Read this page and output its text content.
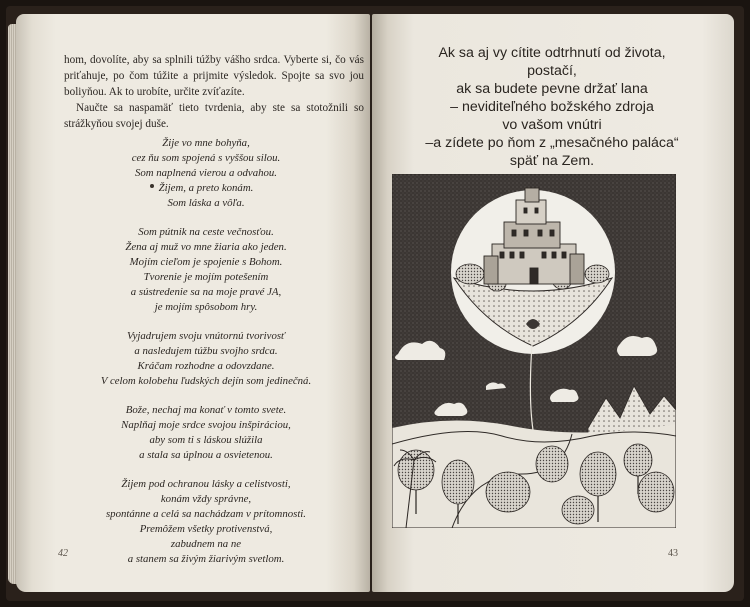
hom, dovolíte, aby sa splnili túžby vášho srdca. Vyberte si, čo vás priťahuje, po čom túžite a prijmite výsledok. Spojte sa svo jou boliyňou. Ak to urobíte, určite zvíťazíte.

Naučte sa naspamäť tieto tvrdenia, aby ste sa stotožnili so strážkyňou svojej duše.

Žije vo mne bohyňa,
cez ňu som spojená s vyššou silou.
Som naplnená vierou a odvahou.
Žijem, a preto konám.
Som láska a vôľa.
Som pútnik na ceste večnosťou.
Žena aj muž vo mne žiaria ako jeden.
Mojím cieľom je spojenie s Bohom.
Tvorenie je mojím potešením
a sústredenie sa na moje pravé JA,
je mojím spôsobom hry.
Vyjadrujem svoju vnútornú tvorivosť
a nasledujem túžbu svojho srdca.
Kráčam rozhodne a odovzdane.
V celom kolobehu ľudských dejín som jedinečná.
Bože, nechaj ma konať v tomto svete.
Naplňaj moje srdce svojou inšpiráciou,
aby som ti s láskou slúžila
a stala sa úplnou a osvietenou.
Žijem pod ochranou lásky a celistvosti,
konám vždy správne,
spontánne a celá sa nachádzam v prítomnosti.
Premôžem všetky protivenstvá,
zabudnem na ne
a stanem sa živým žiarivým svetlom.
42
Ak sa aj vy cítite odtrhnutí od života,
postačí,
ak sa budete pevne držať lana
– neviditeľného božského zdroja
vo vašom vnútri
–a zídete po ňom z „mesačného paláca“
späť na Zem.
43
